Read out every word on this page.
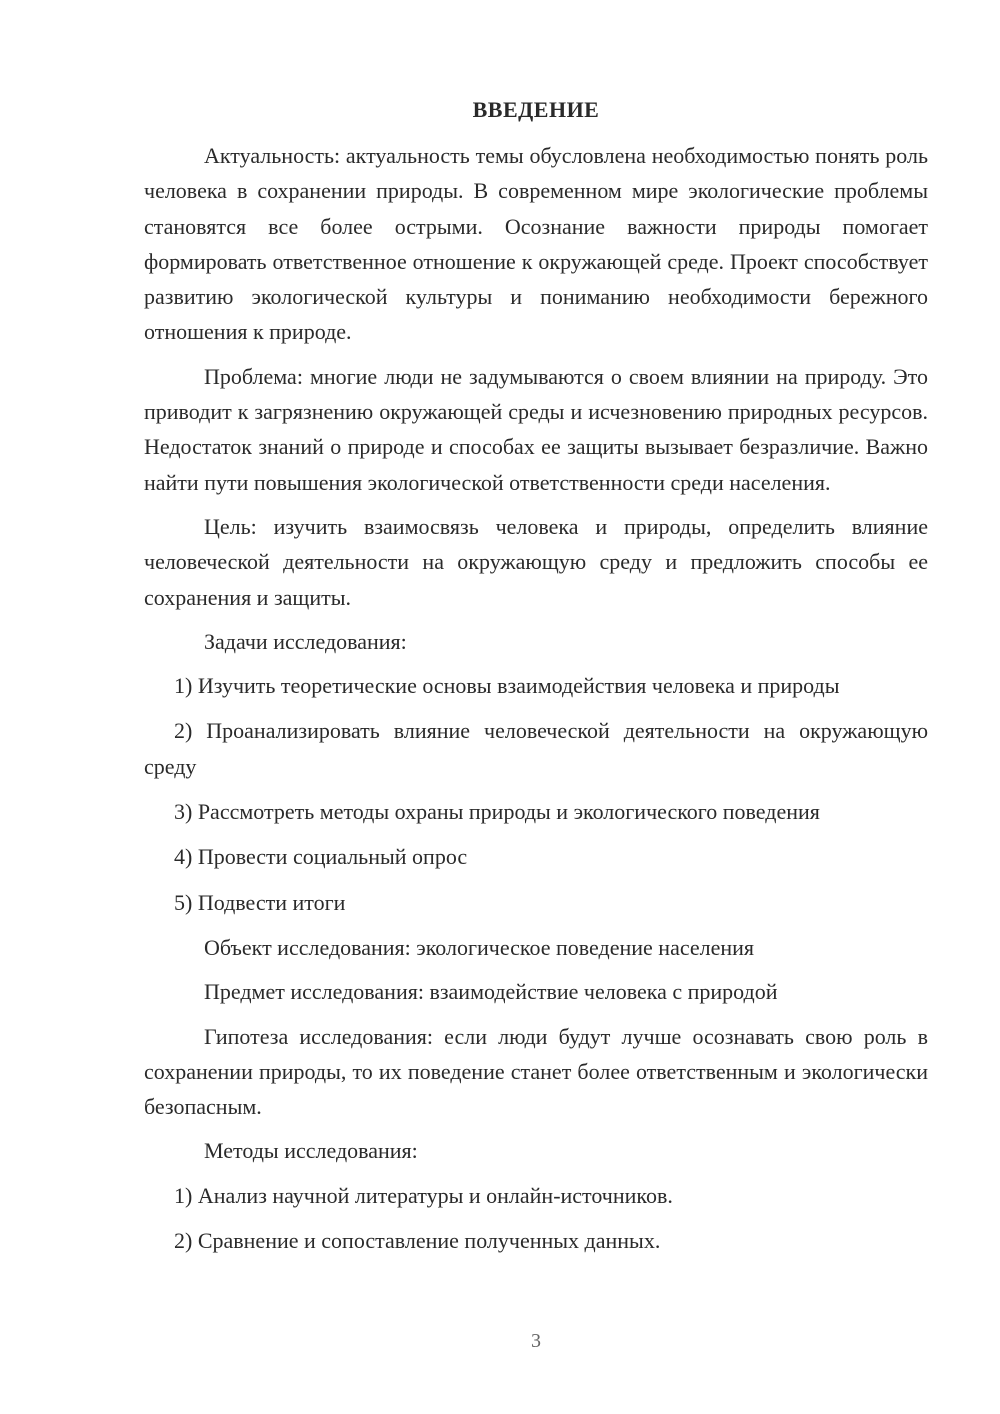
ВВЕДЕНИЕ

Актуальность: актуальность темы обусловлена необходимостью понять роль человека в сохранении природы. В современном мире экологические проблемы становятся все более острыми. Осознание важности природы помогает формировать ответственное отношение к окружающей среде. Проект способствует развитию экологической культуры и пониманию необходимости бережного отношения к природе.

Проблема: многие люди не задумываются о своем влиянии на природу. Это приводит к загрязнению окружающей среды и исчезновению природных ресурсов. Недостаток знаний о природе и способах ее защиты вызывает безразличие. Важно найти пути повышения экологической ответственности среди населения.

Цель: изучить взаимосвязь человека и природы, определить влияние человеческой деятельности на окружающую среду и предложить способы ее сохранения и защиты.

Задачи исследования:

1) Изучить теоретические основы взаимодействия человека и природы

2) Проанализировать влияние человеческой деятельности на окружающую среду

3) Рассмотреть методы охраны природы и экологического поведения

4) Провести социальный опрос

5) Подвести итоги

Объект исследования: экологическое поведение населения

Предмет исследования: взаимодействие человека с природой

Гипотеза исследования: если люди будут лучше осознавать свою роль в сохранении природы, то их поведение станет более ответственным и экологически безопасным.

Методы исследования:

1) Анализ научной литературы и онлайн-источников.

2) Сравнение и сопоставление полученных данных.

3
